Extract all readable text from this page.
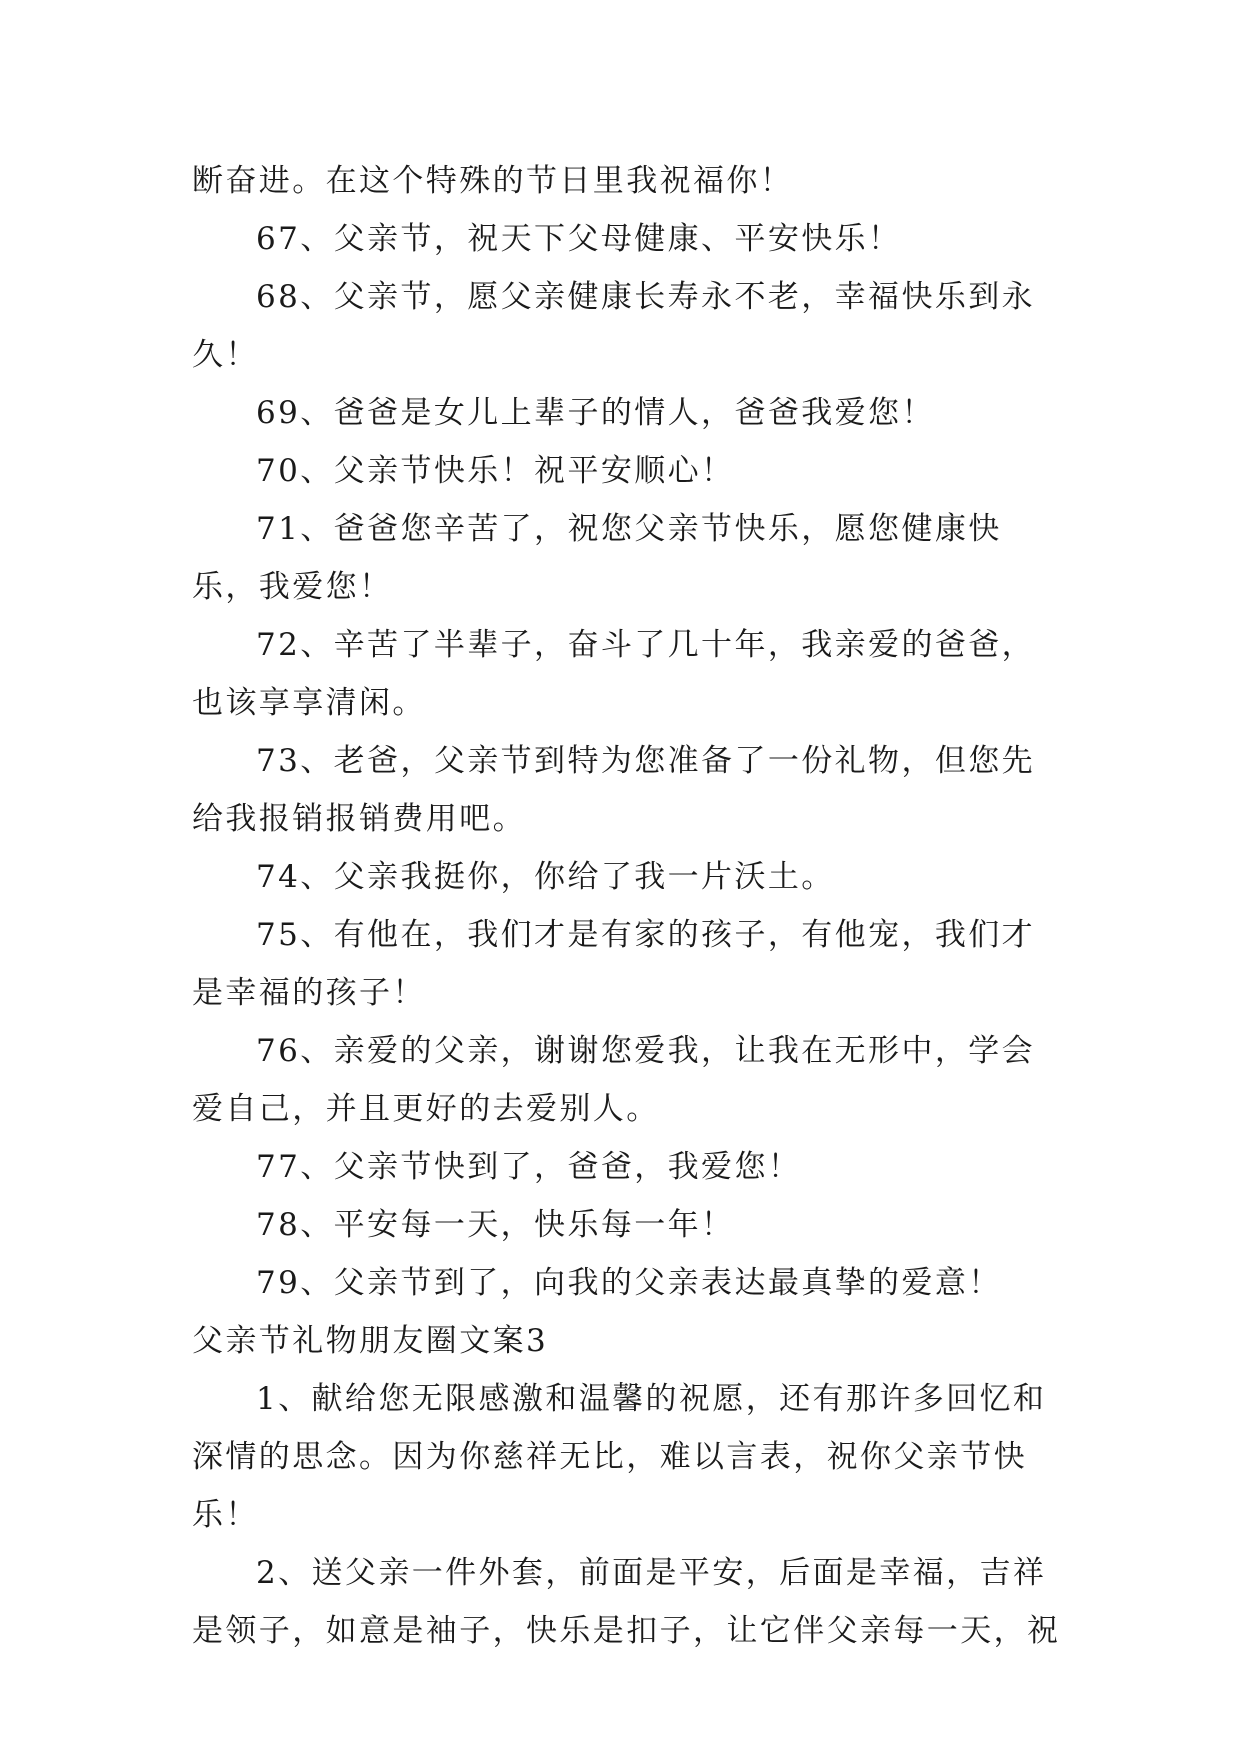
断奋进。在这个特殊的节日里我祝福你！

67、父亲节，祝天下父母健康、平安快乐！

68、父亲节，愿父亲健康长寿永不老，幸福快乐到永久！

69、爸爸是女儿上辈子的情人，爸爸我爱您！

70、父亲节快乐！祝平安顺心！

71、爸爸您辛苦了，祝您父亲节快乐，愿您健康快乐，我爱您！

72、辛苦了半辈子，奋斗了几十年，我亲爱的爸爸，也该享享清闲。

73、老爸，父亲节到特为您准备了一份礼物，但您先给我报销报销费用吧。

74、父亲我挺你，你给了我一片沃土。

75、有他在，我们才是有家的孩子，有他宠，我们才是幸福的孩子！

76、亲爱的父亲，谢谢您爱我，让我在无形中，学会爱自己，并且更好的去爱别人。

77、父亲节快到了，爸爸，我爱您！

78、平安每一天，快乐每一年！

79、父亲节到了，向我的父亲表达最真挚的爱意！

父亲节礼物朋友圈文案3

1、献给您无限感激和温馨的祝愿，还有那许多回忆和深情的思念。因为你慈祥无比，难以言表，祝你父亲节快乐！

2、送父亲一件外套，前面是平安，后面是幸福，吉祥是领子，如意是袖子，快乐是扣子，让它伴父亲每一天，祝
